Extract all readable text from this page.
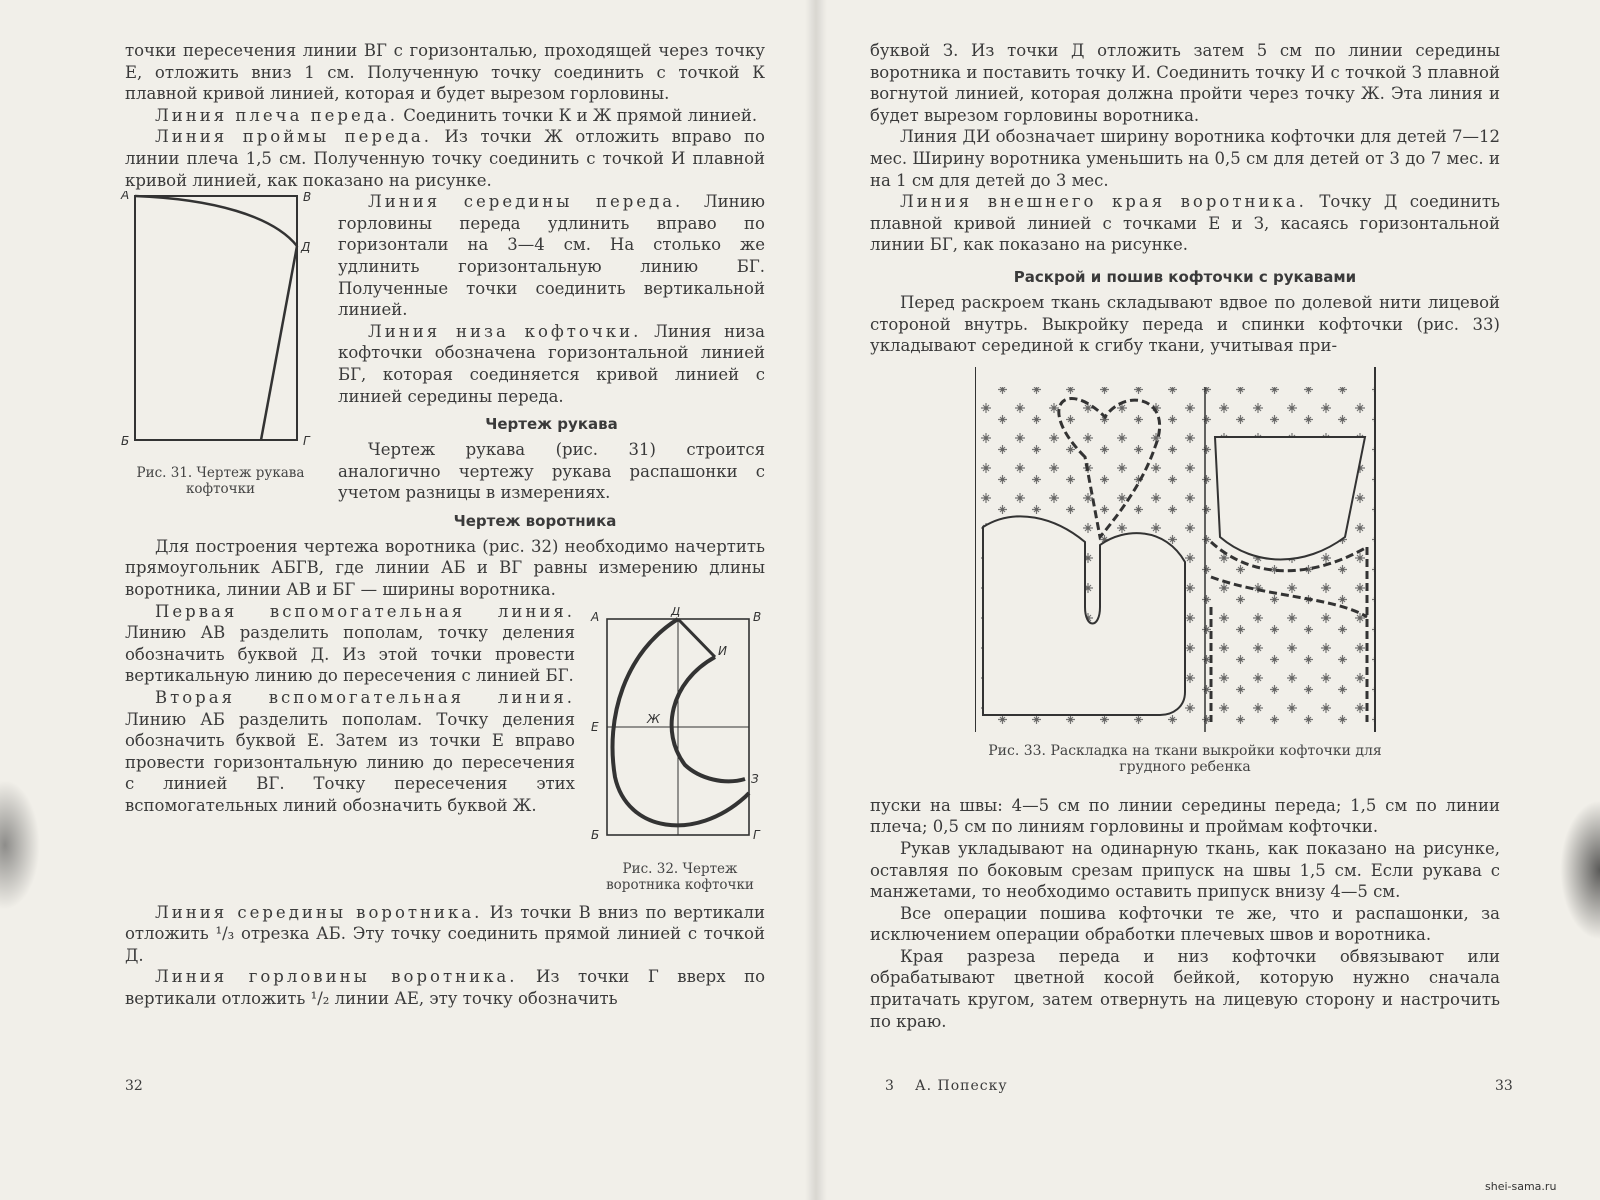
точки пересечения линии ВГ с горизонталью, проходящей через точку Е, отложить вниз 1 см. Полученную точку соединить с точкой К плавной кривой линией, которая и будет вырезом горловины.

Линия плеча переда. Соединить точки К и Ж прямой линией.

Линия проймы переда. Из точки Ж отложить вправо по линии плеча 1,5 см. Полученную точку соединить с точкой И плавной кривой линией, как показано на рисунке.

А	В
Д
Б	Г
Рис. 31. Чертеж рукава кофточки

Линия середины переда. Линию горловины переда удлинить вправо по горизонтали на 3—4 см. На столько же удлинить горизонтальную линию БГ. Полученные точки соединить вертикальной линией.

Линия низа кофточки. Линия низа кофточки обозначена горизонтальной линией БГ, которая соединяется кривой линией с линией середины переда.

Чертеж рукава

Чертеж рукава (рис. 31) строится аналогично чертежу рукава распашонки с учетом разницы в измерениях.

Чертеж воротника

Для построения чертежа воротника (рис. 32) необходимо начертить прямоугольник АБГВ, где линии АБ и ВГ равны измерению длины воротника, линии АВ и БГ — ширины воротника.

А	Д	В
И
Е
Ж
З
Б	Г
Рис. 32. Чертеж воротника кофточки

Первая вспомогательная линия. Линию АВ разделить пополам, точку деления обозначить буквой Д. Из этой точки провести вертикальную линию до пересечения с линией БГ.

Вторая вспомогательная линия. Линию АБ разделить пополам. Точку деления обозначить буквой Е. Затем из точки Е вправо провести горизонтальную линию до пересечения с линией ВГ. Точку пересечения этих вспомогательных линий обозначить буквой Ж.

Линия середины воротника. Из точки В вниз по вертикали отложить ¹/₃ отрезка АБ. Эту точку соединить прямой линией с точкой Д.

Линия горловины воротника. Из точки Г вверх по вертикали отложить ¹/₂ линии АЕ, эту точку обозначить

32

буквой З. Из точки Д отложить затем 5 см по линии середины воротника и поставить точку И. Соединить точку И с точкой З плавной вогнутой линией, которая должна пройти через точку Ж. Эта линия и будет вырезом горловины воротника.

Линия ДИ обозначает ширину воротника кофточки для детей 7—12 мес. Ширину воротника уменьшить на 0,5 см для детей от 3 до 7 мес. и на 1 см для детей до 3 мес.

Линия внешнего края воротника. Точку Д соединить плавной кривой линией с точками Е и З, касаясь горизонтальной линии БГ, как показано на рисунке.

Раскрой и пошив кофточки с рукавами

Перед раскроем ткань складывают вдвое по долевой нити лицевой стороной внутрь. Выкройку переда и спинки кофточки (рис. 33) укладывают серединой к сгибу ткани, учитывая при-

Рис. 33. Раскладка на ткани выкройки кофточки для грудного ребенка

пуски на швы: 4—5 см по линии середины переда; 1,5 см по линии плеча; 0,5 см по линиям горловины и проймам кофточки.

Рукав укладывают на одинарную ткань, как показано на рисунке, оставляя по боковым срезам припуск на швы 1,5 см. Если рукава с манжетами, то необходимо оставить припуск внизу 4—5 см.

Все операции пошива кофточки те же, что и распашонки, за исключением операции обработки плечевых швов и воротника.

Края разреза переда и низ кофточки обвязывают или обрабатывают цветной косой бейкой, которую нужно сначала притачать кругом, затем отвернуть на лицевую сторону и настрочить по краю.

3 А. Попеску	33
shei-sama.ru
